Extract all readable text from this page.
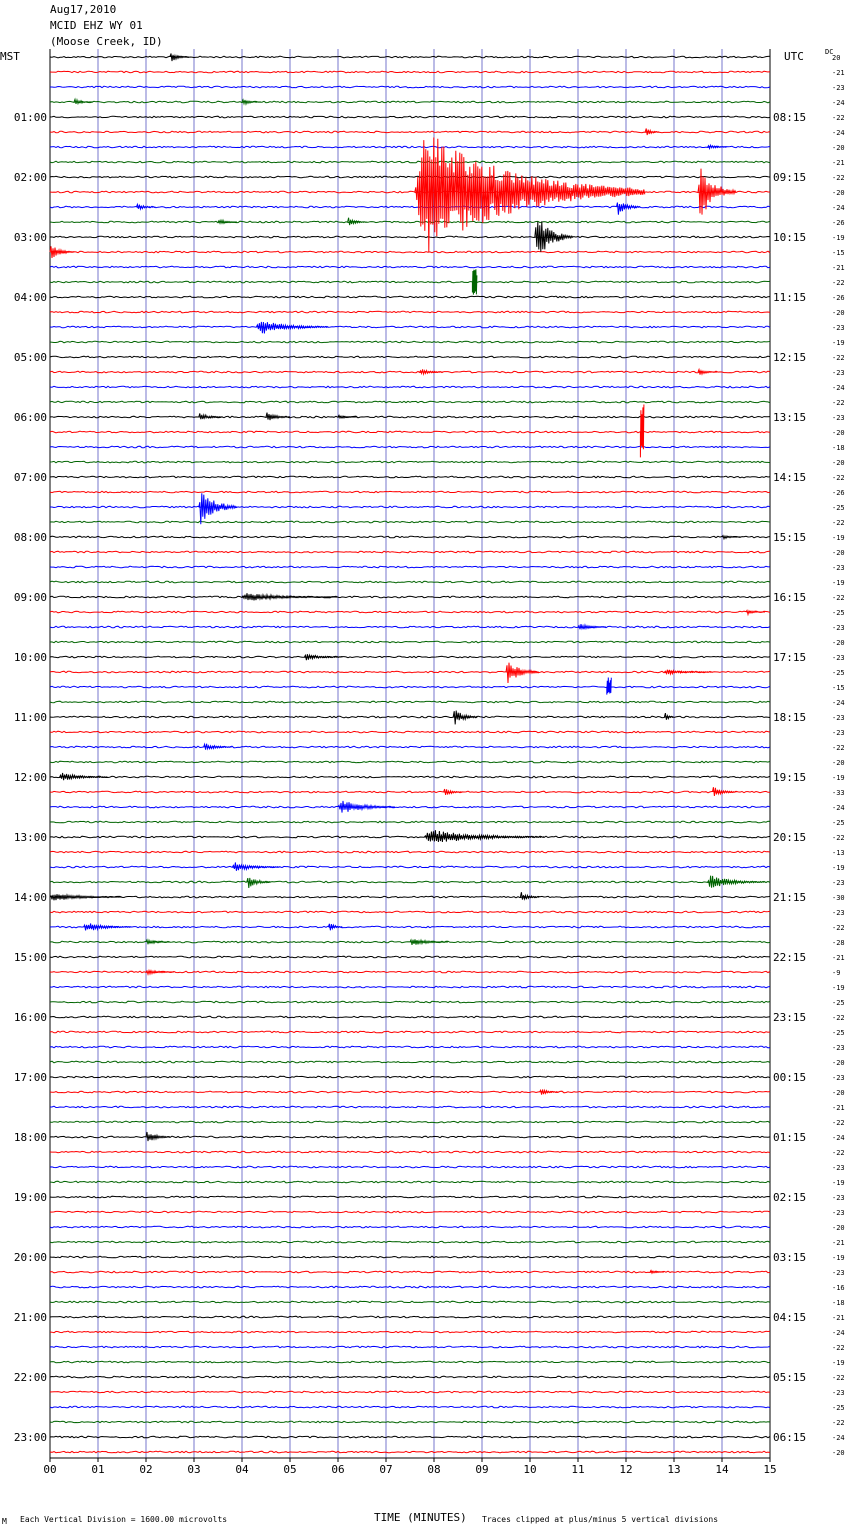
01:00
02:00
03:00
04:00
05:00
06:00
07:00
08:00
09:00
10:00
11:00
12:00
13:00
14:00
15:00
16:00
17:00
18:00
19:00
20:00
21:00
22:00
23:00
08:15
09:15
10:15
11:15
12:15
13:15
14:15
15:15
16:15
17:15
18:15
19:15
20:15
21:15
22:15
23:15
00:15
01:15
02:15
03:15
04:15
05:15
06:15
20
-21
-23
-24
-22
-24
-20
-21
-22
-20
-24
-26
-19
-15
-21
-22
-26
-20
-23
-19
-22
-23
-24
-22
-23
-20
-18
-20
-22
-26
-25
-22
-19
-20
-23
-19
-22
-25
-23
-20
-23
-25
-15
-24
-23
-23
-22
-20
-19
-33
-24
-25
-22
-13
-19
-23
-30
-23
-22
-28
-21
-9
-19
-25
-22
-25
-23
-20
-23
-20
-21
-22
-24
-22
-23
-19
-23
-23
-20
-21
-19
-23
-16
-18
-21
-24
-22
-19
-22
-23
-25
-22
-24
-20
00	01	02	03	04	05	06	07	08	09	10	11	12	13	14	15
Aug17,2010
MCID EHZ WY 01
(Moose Creek, ID)
MST	UTC	DC
M Each Vertical Division = 1600.00 microvolts	TIME (MINUTES) Traces clipped at plus/minus 5 vertical divisions
